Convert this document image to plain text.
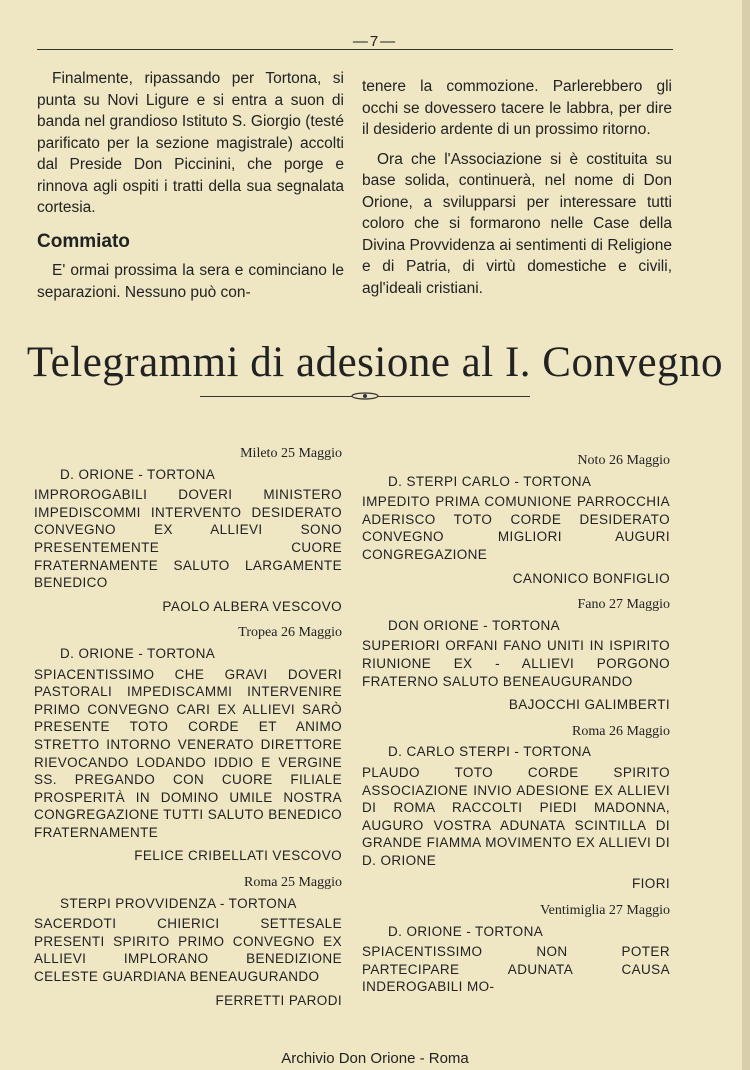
—7—

Finalmente, ripassando per Tortona, si punta su Novi Ligure e si entra a suon di banda nel grandioso Istituto S. Giorgio (testé parificato per la sezione magistrale) accolti dal Preside Don Piccinini, che porge e rinnova agli ospiti i tratti della sua segnalata cortesia.

Commiato

E' ormai prossima la sera e cominciano le separazioni. Nessuno può con-

tenere la commozione. Parlerebbero gli occhi se dovessero tacere le labbra, per dire il desiderio ardente di un prossimo ritorno.

Ora che l'Associazione si è costituita su base solida, continuerà, nel nome di Don Orione, a svilupparsi per interessare tutti coloro che si formarono nelle Case della Divina Provvidenza ai sentimenti di Religione e di Patria, di virtù domestiche e civili, agl'ideali cristiani.

Telegrammi di adesione al I. Convegno
Mileto 25 Maggio
D. ORIONE - TORTONA
IMPROROGABILI DOVERI MINISTERO IMPEDISCOMMI INTERVENTO DESIDERATO CONVEGNO EX ALLIEVI SONO PRESENTEMENTE CUORE FRATERNAMENTE SALUTO LARGAMENTE BENEDICO
PAOLO ALBERA VESCOVO
Tropea 26 Maggio
D. ORIONE - TORTONA
SPIACENTISSIMO CHE GRAVI DOVERI PASTORALI IMPEDISCAMMI INTERVENIRE PRIMO CONVEGNO CARI EX ALLIEVI SARÒ PRESENTE TOTO CORDE ET ANIMO STRETTO INTORNO VENERATO DIRETTORE RIEVOCANDO LODANDO IDDIO E VERGINE SS. PREGANDO CON CUORE FILIALE PROSPERITÀ IN DOMINO UMILE NOSTRA CONGREGAZIONE TUTTI SALUTO BENEDICO FRATERNAMENTE
FELICE CRIBELLATI VESCOVO
Roma 25 Maggio
STERPI PROVVIDENZA - TORTONA
SACERDOTI CHIERICI SETTESALE PRESENTI SPIRITO PRIMO CONVEGNO EX ALLIEVI IMPLORANO BENEDIZIONE CELESTE GUARDIANA BENEAUGURANDO
FERRETTI PARODI
Noto 26 Maggio
D. STERPI CARLO - TORTONA
IMPEDITO PRIMA COMUNIONE PARROCCHIA ADERISCO TOTO CORDE DESIDERATO CONVEGNO MIGLIORI AUGURI CONGREGAZIONE
CANONICO BONFIGLIO
Fano 27 Maggio
DON ORIONE - TORTONA
SUPERIORI ORFANI FANO UNITI IN ISPIRITO RIUNIONE EX - ALLIEVI PORGONO FRATERNO SALUTO BENEAUGURANDO
BAJOCCHI GALIMBERTI
Roma 26 Maggio
D. CARLO STERPI - TORTONA
PLAUDO TOTO CORDE SPIRITO ASSOCIAZIONE INVIO ADESIONE EX ALLIEVI DI ROMA RACCOLTI PIEDI MADONNA, AUGURO VOSTRA ADUNATA SCINTILLA DI GRANDE FIAMMA MOVIMENTO EX ALLIEVI DI D. ORIONE
FIORI
Ventimiglia 27 Maggio
D. ORIONE - TORTONA
SPIACENTISSIMO NON POTER PARTECIPARE ADUNATA CAUSA INDEROGABILI MO-
Archivio Don Orione - Roma
